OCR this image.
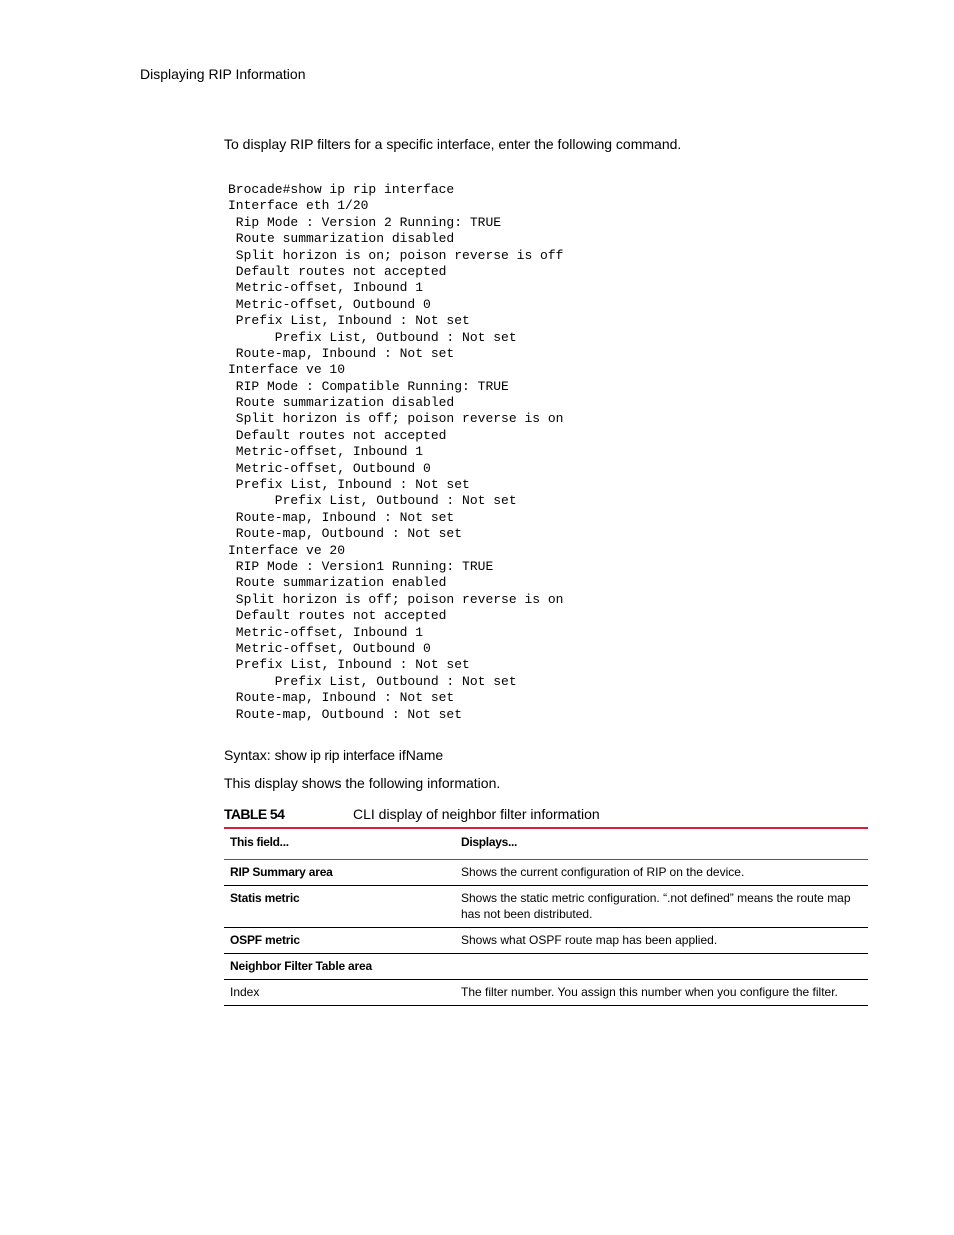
Displaying RIP Information
To display RIP filters for a specific interface, enter the following command.
Brocade#show ip rip interface
Interface eth 1/20
Rip Mode : Version 2 Running: TRUE
Route summarization disabled
Split horizon is on; poison reverse is off
Default routes not accepted
Metric-offset, Inbound 1
Metric-offset, Outbound 0
Prefix List, Inbound : Not set
Prefix List, Outbound : Not set
Route-map, Inbound : Not set
Interface ve 10
RIP Mode : Compatible Running: TRUE
Route summarization disabled
Split horizon is off; poison reverse is on
Default routes not accepted
Metric-offset, Inbound 1
Metric-offset, Outbound 0
Prefix List, Inbound : Not set
Prefix List, Outbound : Not set
Route-map, Inbound : Not set
Route-map, Outbound : Not set
Interface ve 20
RIP Mode : Version1 Running: TRUE
Route summarization enabled
Split horizon is off; poison reverse is on
Default routes not accepted
Metric-offset, Inbound 1
Metric-offset, Outbound 0
Prefix List, Inbound : Not set
Prefix List, Outbound : Not set
Route-map, Inbound : Not set
Route-map, Outbound : Not set
Syntax: show ip rip interface ifName
This display shows the following information.
TABLE 54	CLI display of neighbor filter information
This field...	Displays...
RIP Summary area	Shows the current configuration of RIP on the device.
Statis metric	Shows the static metric configuration. “.not defined” means the route map has not been distributed.
OSPF metric	Shows what OSPF route map has been applied.
Neighbor Filter Table area	
Index	The filter number. You assign this number when you configure the filter.
